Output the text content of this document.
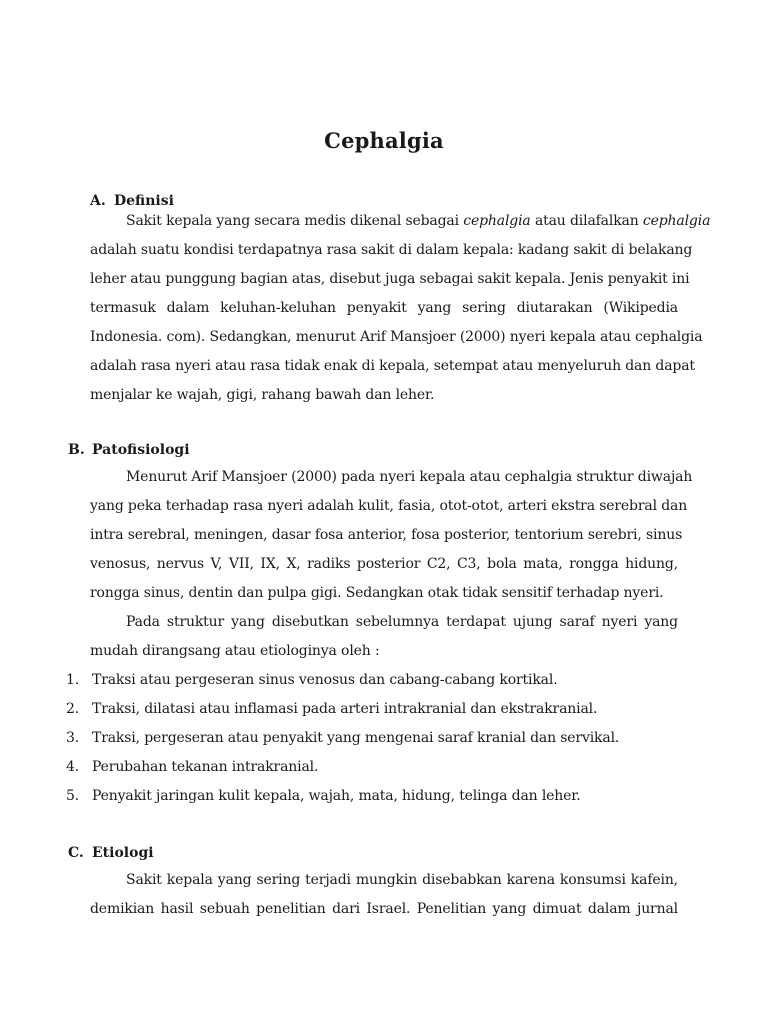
Cephalgia
A. Definisi
Sakit kepala yang secara medis dikenal sebagai cephalgia atau dilafalkan cephalgia
adalah suatu kondisi terdapatnya rasa sakit di dalam kepala: kadang sakit di belakang
leher atau punggung bagian atas, disebut juga sebagai sakit kepala. Jenis penyakit ini
termasuk dalam keluhan-keluhan penyakit yang sering diutarakan (Wikipedia
Indonesia. com). Sedangkan, menurut Arif Mansjoer (2000) nyeri kepala atau cephalgia
adalah rasa nyeri atau rasa tidak enak di kepala, setempat atau menyeluruh dan dapat
menjalar ke wajah, gigi, rahang bawah dan leher.
B. Patofisiologi
Menurut Arif Mansjoer (2000) pada nyeri kepala atau cephalgia struktur diwajah
yang peka terhadap rasa nyeri adalah kulit, fasia, otot-otot, arteri ekstra serebral dan
intra serebral, meningen, dasar fosa anterior, fosa posterior, tentorium serebri, sinus
venosus, nervus V, VII, IX, X, radiks posterior C2, C3, bola mata, rongga hidung,
rongga sinus, dentin dan pulpa gigi. Sedangkan otak tidak sensitif terhadap nyeri.
Pada struktur yang disebutkan sebelumnya terdapat ujung saraf nyeri yang
mudah dirangsang atau etiologinya oleh :
1. Traksi atau pergeseran sinus venosus dan cabang-cabang kortikal.
2. Traksi, dilatasi atau inflamasi pada arteri intrakranial dan ekstrakranial.
3. Traksi, pergeseran atau penyakit yang mengenai saraf kranial dan servikal.
4. Perubahan tekanan intrakranial.
5. Penyakit jaringan kulit kepala, wajah, mata, hidung, telinga dan leher.
C. Etiologi
Sakit kepala yang sering terjadi mungkin disebabkan karena konsumsi kafein,
demikian hasil sebuah penelitian dari Israel. Penelitian yang dimuat dalam jurnal
